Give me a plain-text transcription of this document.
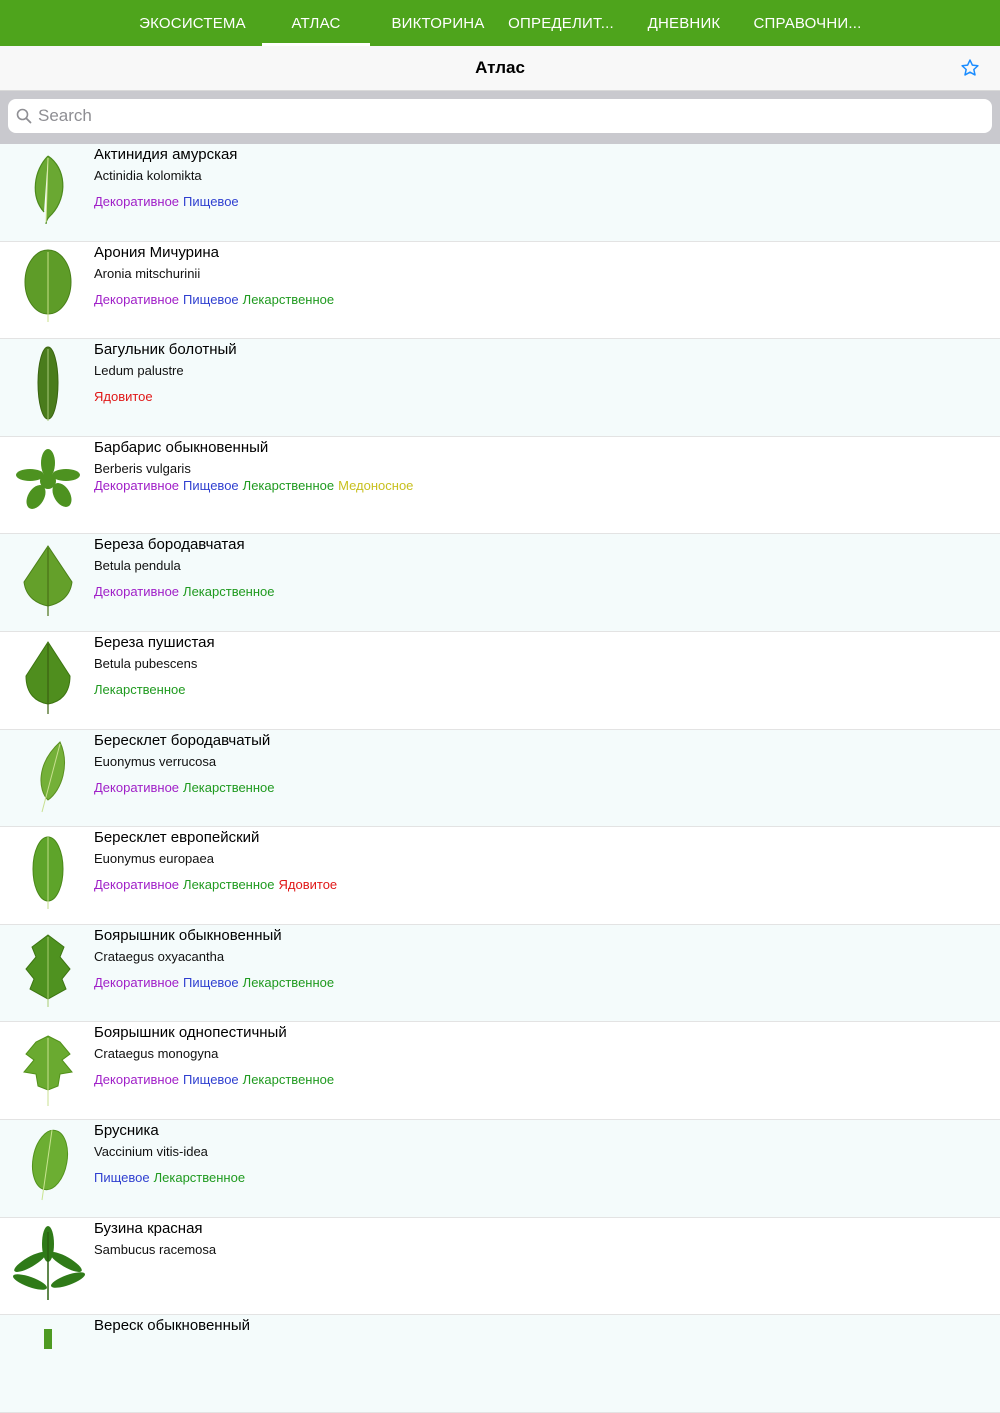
ЭКОСИСТЕМА	АТЛАС	ВИКТОРИНА	ОПРЕДЕЛИТ...	ДНЕВНИК	СПРАВОЧНИ...
Атлас
Search
Актинидия амурская
Actinidia kolomikta
Декоративное Пищевое
Арония Мичурина
Aronia mitschurinii
Декоративное Пищевое Лекарственное
Багульник болотный
Ledum palustre
Ядовитое
Барбарис обыкновенный
Berberis vulgaris
Декоративное Пищевое Лекарственное Медоносное
Береза бородавчатая
Betula pendula
Декоративное Лекарственное
Береза пушистая
Betula pubescens
Лекарственное
Бересклет бородавчатый
Euonymus verrucosa
Декоративное Лекарственное
Бересклет европейский
Euonymus europaea
Декоративное Лекарственное Ядовитое
Боярышник обыкновенный
Crataegus oxyacantha
Декоративное Пищевое Лекарственное
Боярышник однопестичный
Crataegus monogyna
Декоративное Пищевое Лекарственное
Брусника
Vaccinium vitis-idea
Пищевое Лекарственное
Бузина красная
Sambucus racemosa
Вереск обыкновенный
